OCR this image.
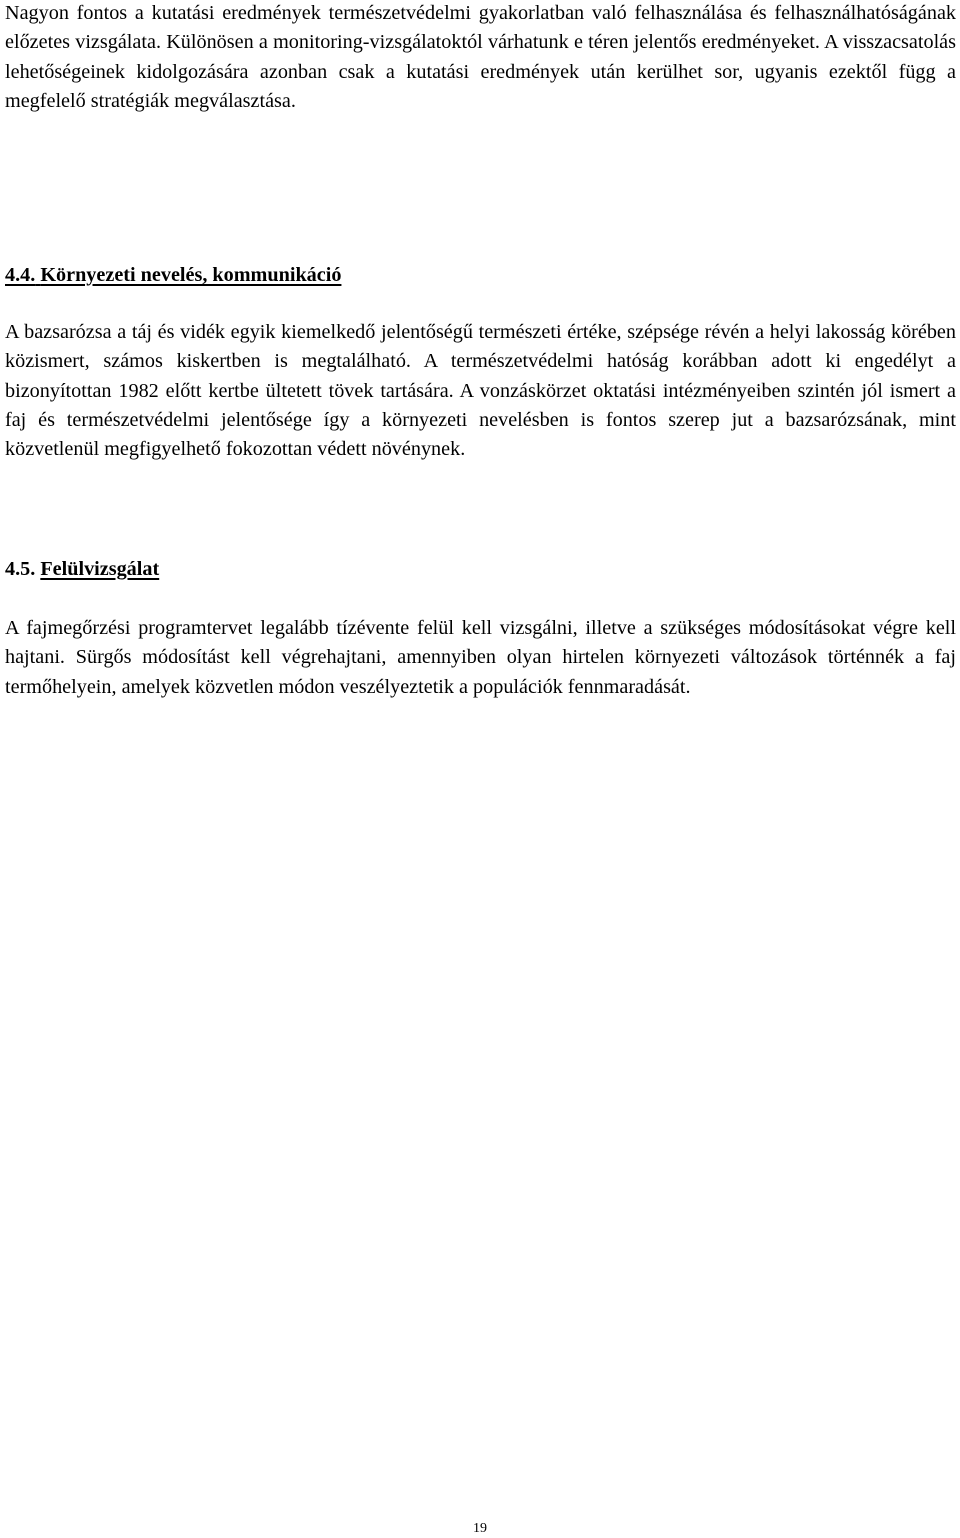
Nagyon fontos a kutatási eredmények természetvédelmi gyakorlatban való felhasználása és felhasználhatóságának előzetes vizsgálata. Különösen a monitoring-vizsgálatoktól várhatunk e téren jelentős eredményeket. A visszacsatolás lehetőségeinek kidolgozására azonban csak a kutatási eredmények után kerülhet sor, ugyanis ezektől függ a megfelelő stratégiák megválasztása.

4.4. Környezeti nevelés, kommunikáció

A bazsarózsa a táj és vidék egyik kiemelkedő jelentőségű természeti értéke, szépsége révén a helyi lakosság körében közismert, számos kiskertben is megtalálható. A természetvédelmi hatóság korábban adott ki engedélyt a bizonyítottan 1982 előtt kertbe ültetett tövek tartására. A vonzáskörzet oktatási intézményeiben szintén jól ismert a faj és természetvédelmi jelentősége így a környezeti nevelésben is fontos szerep jut a bazsarózsának, mint közvetlenül megfigyelhető fokozottan védett növénynek.

4.5. Felülvizsgálat

A fajmegőrzési programtervet legalább tízévente felül kell vizsgálni, illetve a szükséges módosításokat végre kell hajtani. Sürgős módosítást kell végrehajtani, amennyiben olyan hirtelen környezeti változások történnék a faj termőhelyein, amelyek közvetlen módon veszélyeztetik a populációk fennmaradását.

19
